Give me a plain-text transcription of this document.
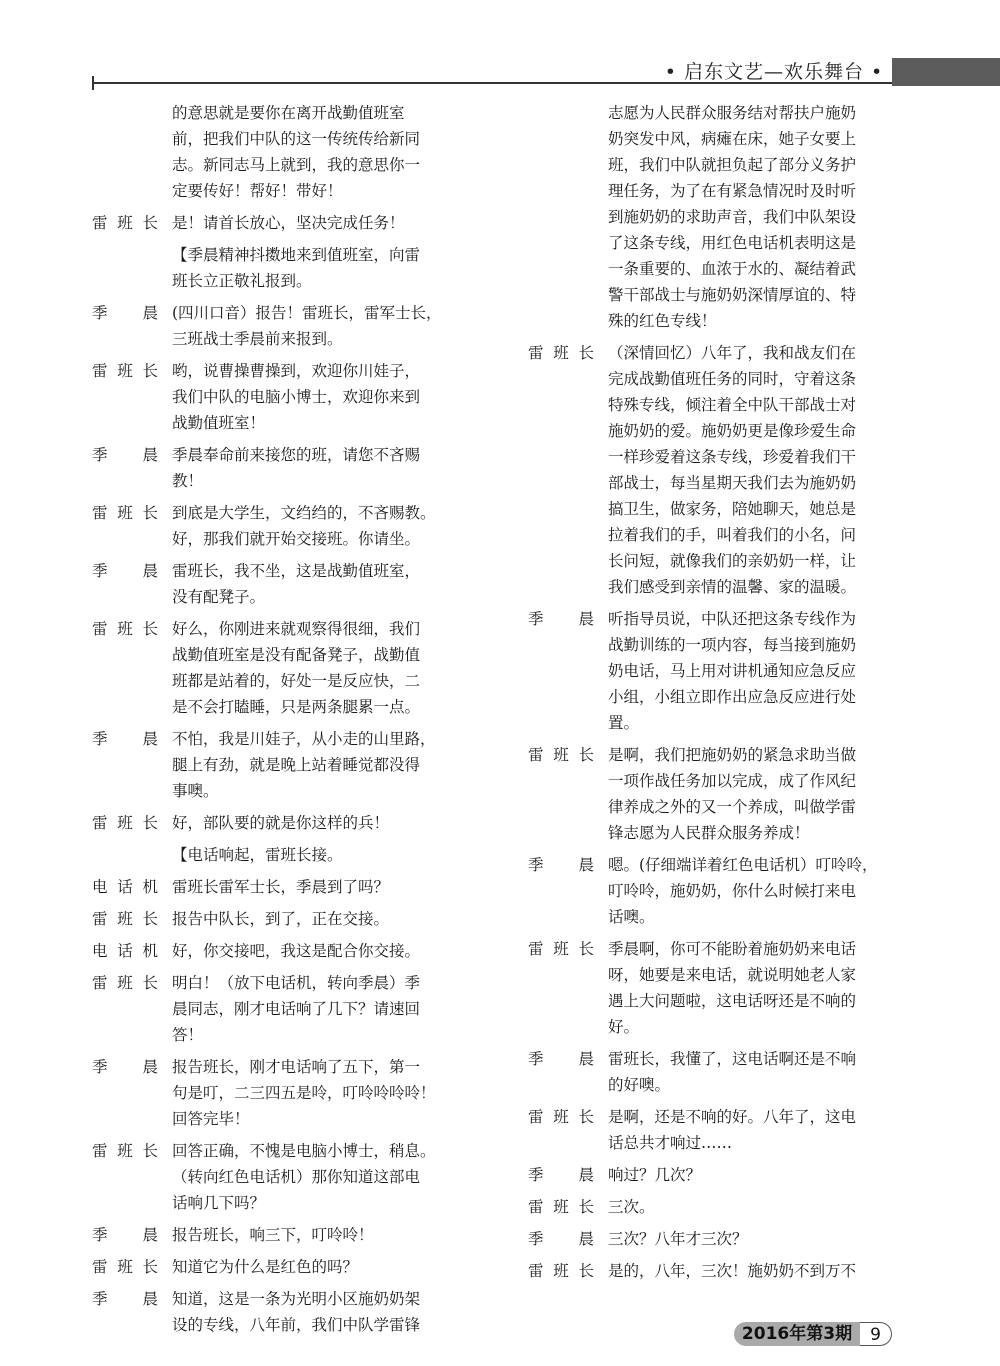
• 启东文艺—欢乐舞台 •
的意思就是要你在离开战勤值班室
前，把我们中队的这一传统传给新同
志。新同志马上就到，我的意思你一
定要传好！帮好！带好！
雷班长 是！请首长放心，坚决完成任务！
【季晨精神抖擞地来到值班室，向雷
班长立正敬礼报到。
季晨 (四川口音）报告！雷班长，雷军士长，
三班战士季晨前来报到。
雷班长 哟，说曹操曹操到，欢迎你川娃子，
我们中队的电脑小博士，欢迎你来到
战勤值班室！
季晨 季晨奉命前来接您的班，请您不吝赐
教！
雷班长 到底是大学生，文绉绉的，不吝赐教。
好，那我们就开始交接班。你请坐。
季晨 雷班长，我不坐，这是战勤值班室，
没有配凳子。
雷班长 好么，你刚进来就观察得很细，我们
战勤值班室是没有配备凳子，战勤值
班都是站着的，好处一是反应快，二
是不会打瞌睡，只是两条腿累一点。
季晨 不怕，我是川娃子，从小走的山里路，
腿上有劲，就是晚上站着睡觉都没得
事噢。
雷班长 好，部队要的就是你这样的兵！
【电话响起，雷班长接。
电话机 雷班长雷军士长，季晨到了吗？
雷班长 报告中队长，到了，正在交接。
电话机 好，你交接吧，我这是配合你交接。
雷班长 明白！（放下电话机，转向季晨）季
晨同志，刚才电话响了几下？请速回
答！
季晨 报告班长，刚才电话响了五下，第一
句是叮，二三四五是呤，叮呤呤呤呤！
回答完毕！
雷班长 回答正确，不愧是电脑小博士，稍息。
（转向红色电话机）那你知道这部电
话响几下吗？
季晨 报告班长，响三下，叮呤呤！
雷班长 知道它为什么是红色的吗？
季晨 知道，这是一条为光明小区施奶奶架
设的专线，八年前，我们中队学雷锋
志愿为人民群众服务结对帮扶户施奶
奶突发中风，病瘫在床，她子女要上
班，我们中队就担负起了部分义务护
理任务，为了在有紧急情况时及时听
到施奶奶的求助声音，我们中队架设
了这条专线，用红色电话机表明这是
一条重要的、血浓于水的、凝结着武
警干部战士与施奶奶深情厚谊的、特
殊的红色专线！
雷班长 （深情回忆）八年了，我和战友们在
完成战勤值班任务的同时，守着这条
特殊专线，倾注着全中队干部战士对
施奶奶的爱。施奶奶更是像珍爱生命
一样珍爱着这条专线，珍爱着我们干
部战士，每当星期天我们去为施奶奶
搞卫生，做家务，陪她聊天，她总是
拉着我们的手，叫着我们的小名，问
长问短，就像我们的亲奶奶一样，让
我们感受到亲情的温馨、家的温暖。
季晨 听指导员说，中队还把这条专线作为
战勤训练的一项内容，每当接到施奶
奶电话，马上用对讲机通知应急反应
小组，小组立即作出应急反应进行处
置。
雷班长 是啊，我们把施奶奶的紧急求助当做
一项作战任务加以完成，成了作风纪
律养成之外的又一个养成，叫做学雷
锋志愿为人民群众服务养成！
季晨 嗯。(仔细端详着红色电话机）叮呤呤，
叮呤呤，施奶奶，你什么时候打来电
话噢。
雷班长 季晨啊，你可不能盼着施奶奶来电话
呀，她要是来电话，就说明她老人家
遇上大问题啦，这电话呀还是不响的
好。
季晨 雷班长，我懂了，这电话啊还是不响
的好噢。
雷班长 是啊，还是不响的好。八年了，这电
话总共才响过……
季晨 响过？几次？
雷班长 三次。
季晨 三次？八年才三次？
雷班长 是的，八年，三次！施奶奶不到万不
2016年第3期	9
